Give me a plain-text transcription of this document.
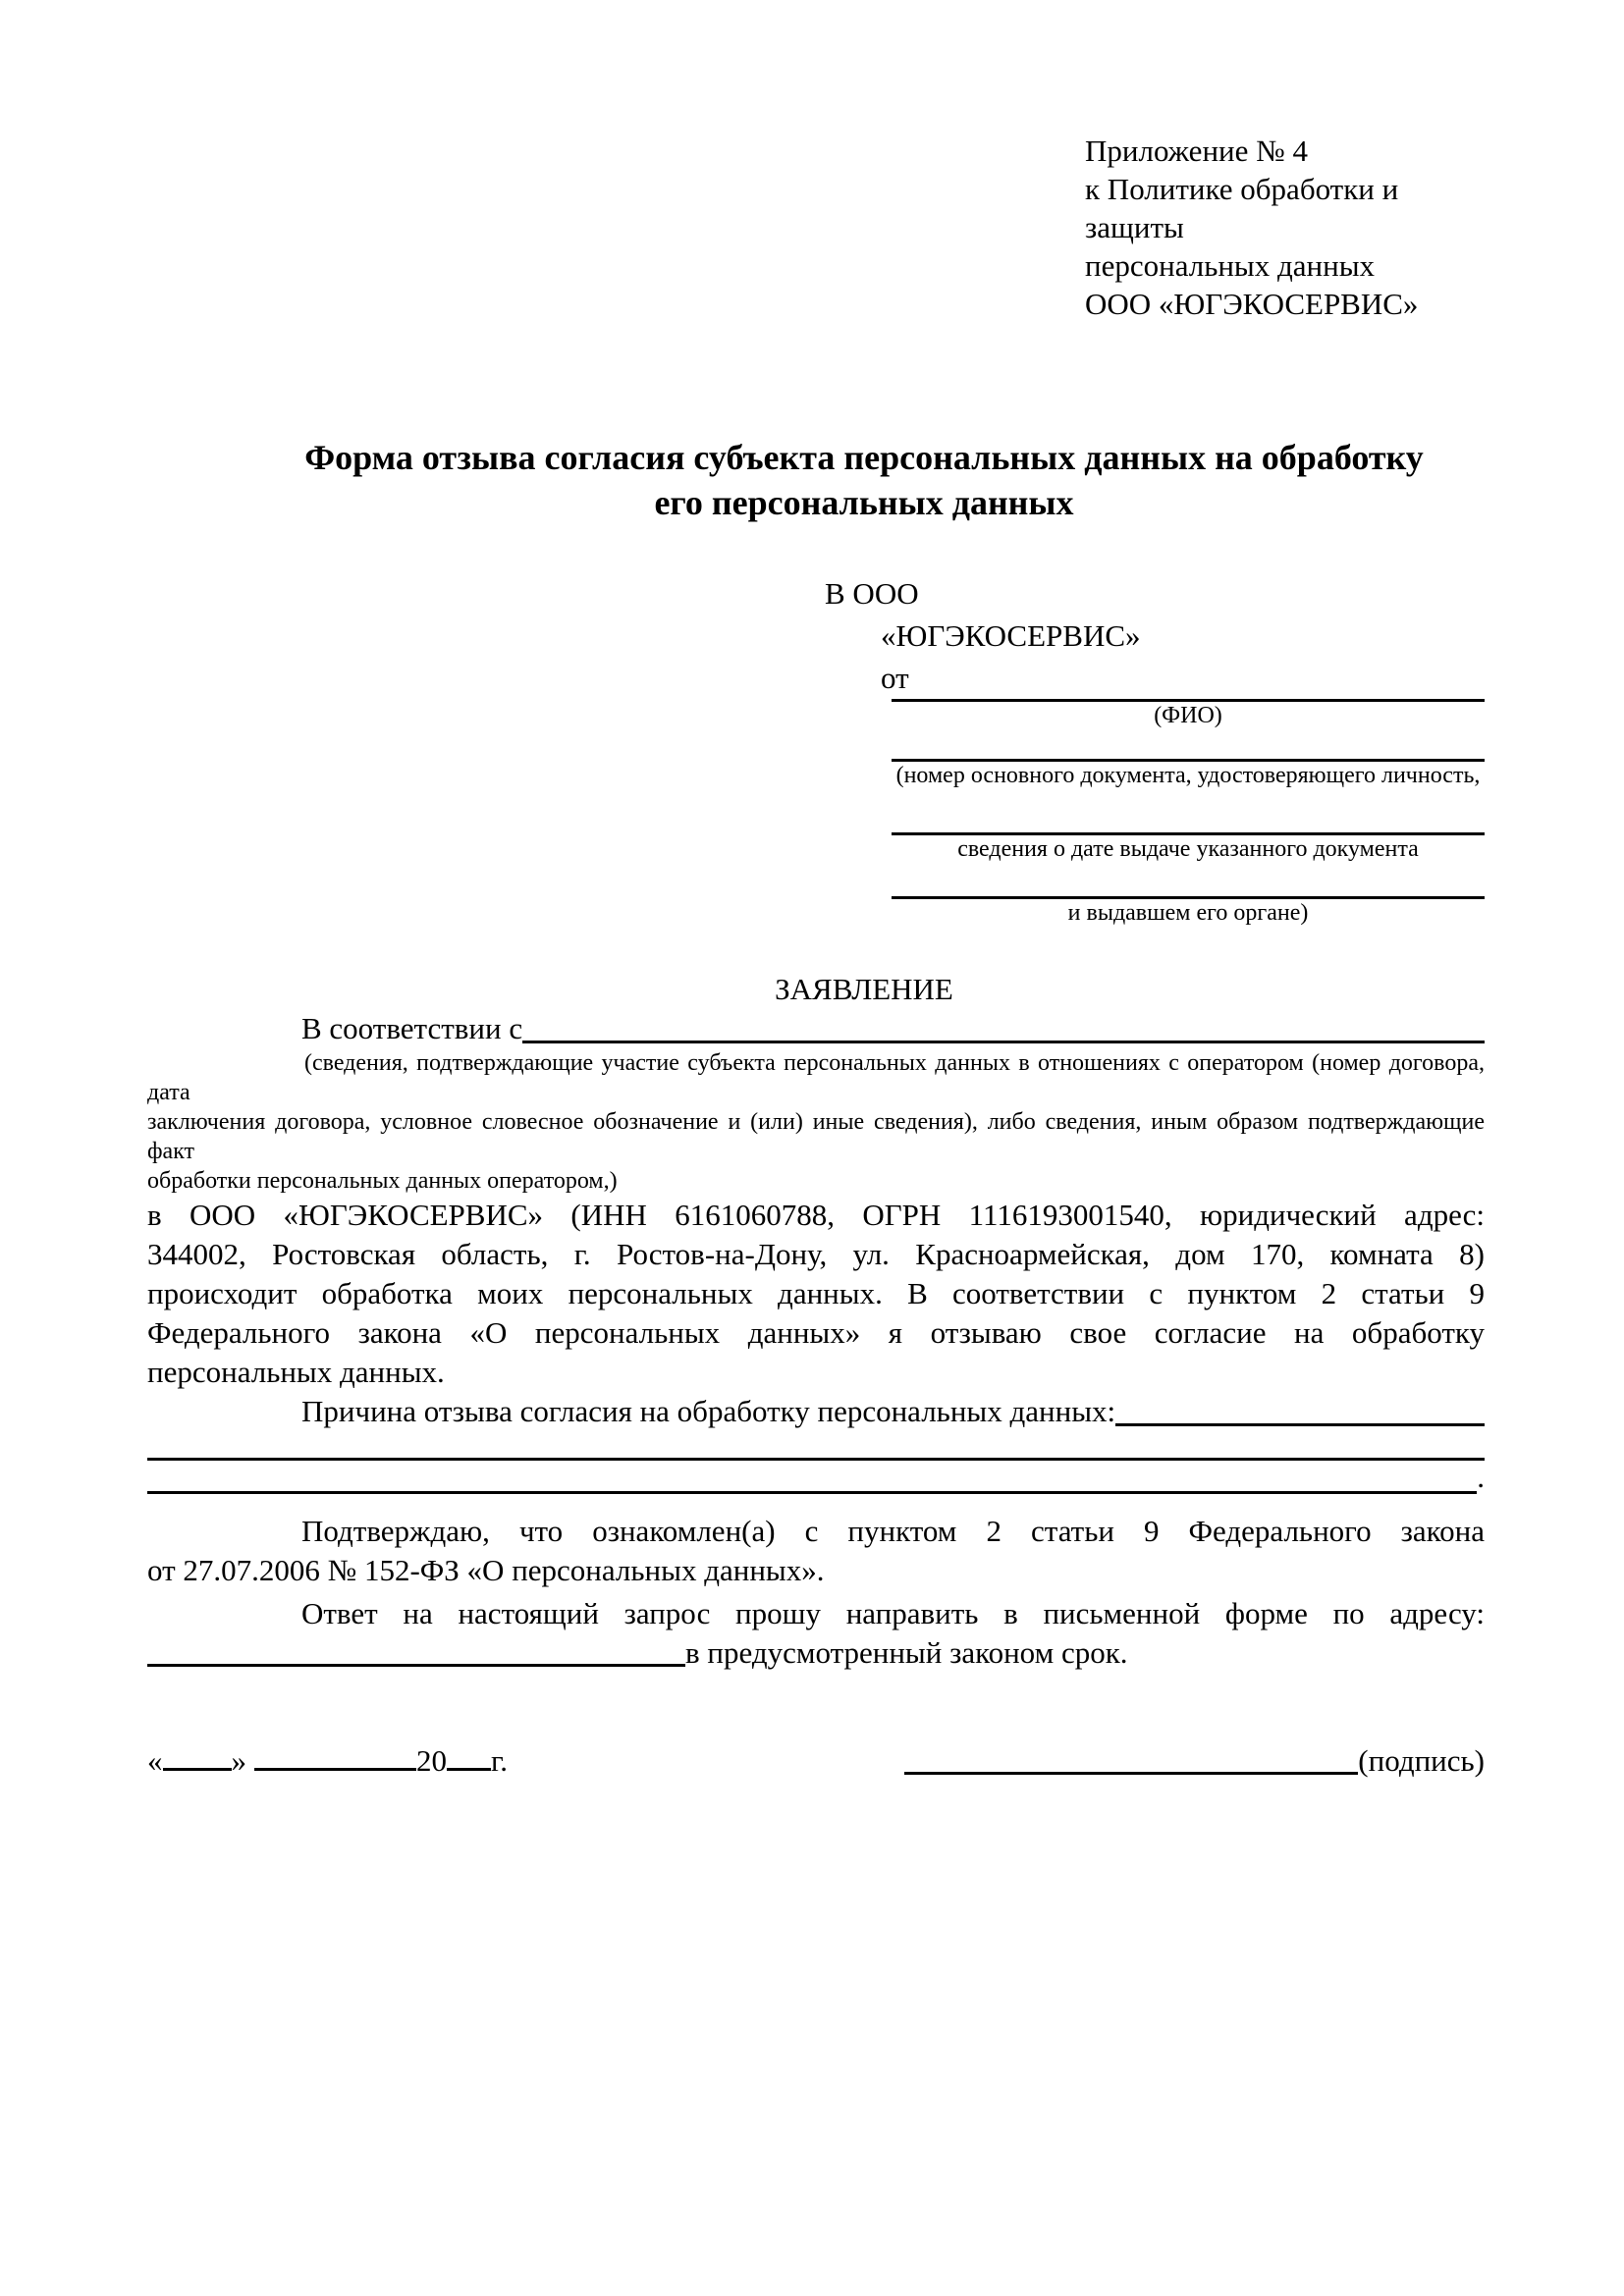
Приложение № 4
к Политике обработки и защиты
персональных данных
ООО «ЮГЭКОСЕРВИС»
Форма отзыва согласия субъекта персональных данных на обработку
его персональных данных
В ООО
«ЮГЭКОСЕРВИС»
от
(ФИО)
(номер основного документа, удостоверяющего личность,
сведения о дате выдаче указанного документа
и выдавшем его органе)
ЗАЯВЛЕНИЕ
В соответствии с
(сведения, подтверждающие участие субъекта персональных данных в отношениях с оператором (номер договора, дата
заключения договора, условное словесное обозначение и (или) иные сведения), либо сведения, иным образом подтверждающие факт
обработки персональных данных оператором,)
в ООО «ЮГЭКОСЕРВИС» (ИНН 6161060788, ОГРН 1116193001540, юридический адрес:
344002, Ростовская область, г. Ростов-на-Дону, ул. Красноармейская, дом 170, комната 8)
происходит обработка моих персональных данных. В соответствии с пунктом 2 статьи 9
Федерального закона «О персональных данных» я отзываю свое согласие на обработку
персональных данных.
Причина отзыва согласия на обработку персональных данных:
.
Подтверждаю, что ознакомлен(а) с пунктом 2 статьи 9 Федерального закона
от 27.07.2006 № 152-ФЗ «О персональных данных».
Ответ на настоящий запрос прошу направить в письменной форме по адресу:
в предусмотренный законом срок.
« »	20 г.	(подпись)
